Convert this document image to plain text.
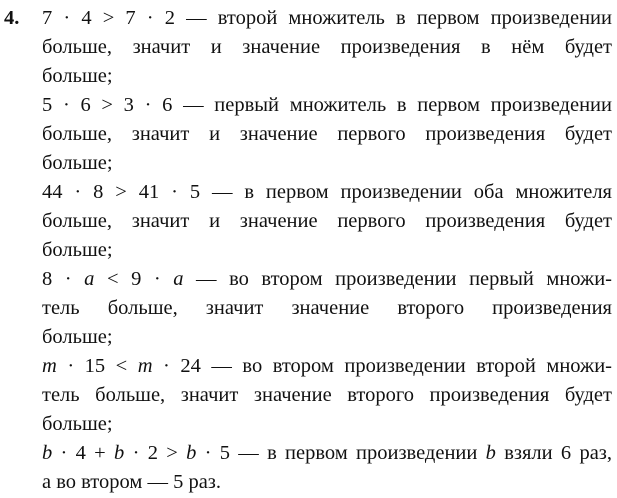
4. 7 · 4 > 7 · 2 — второй множитель в первом произведении
больше, значит и значение произведения в нём будет
больше;
5 · 6 > 3 · 6 — первый множитель в первом произведении
больше, значит и значение первого произведения будет
больше;
44 · 8 > 41 · 5 — в первом произведении оба множителя
больше, значит и значение первого произведения будет
больше;
8 · a < 9 · a — во втором произведении первый множи-
тель больше, значит значение второго произведения
больше;
m · 15 < m · 24 — во втором произведении второй множи-
тель больше, значит значение второго произведения будет
больше;
b · 4 + b · 2 > b · 5 — в первом произведении b взяли 6 раз,
а во втором — 5 раз.
